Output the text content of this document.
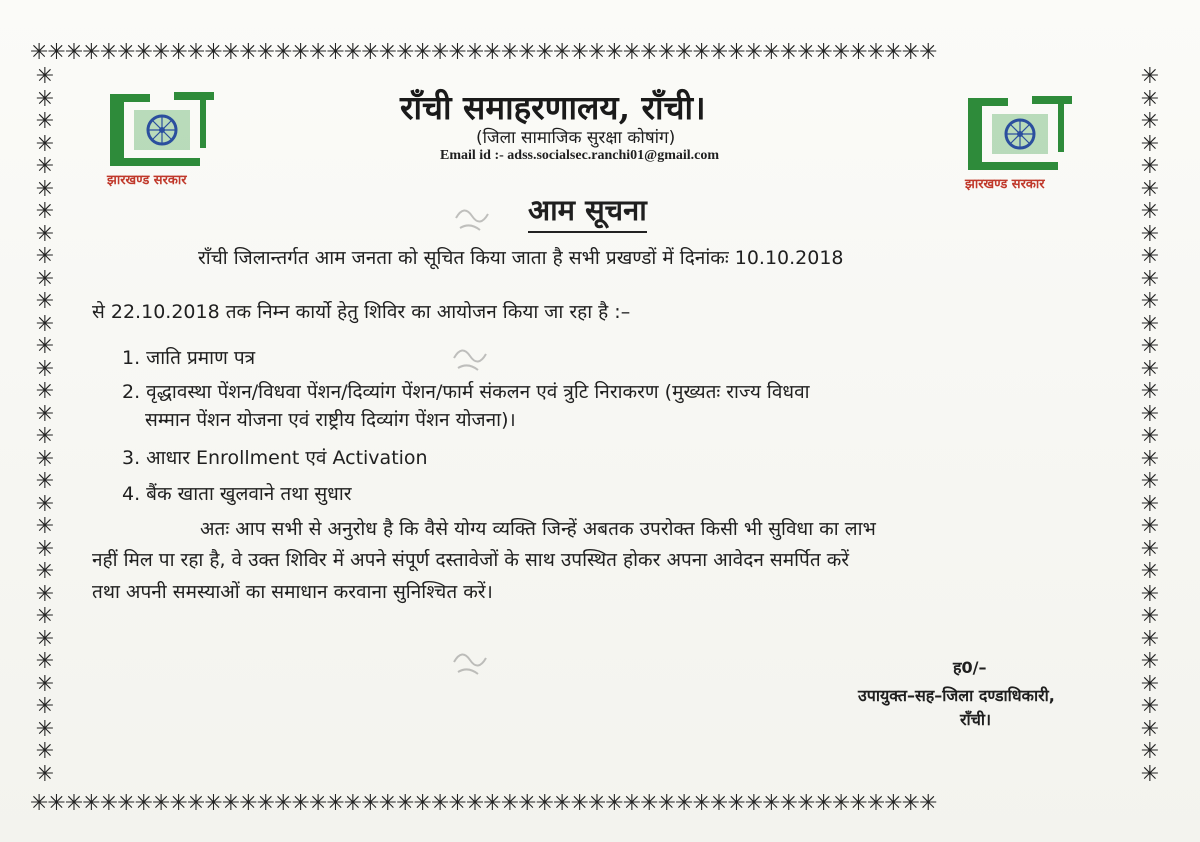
✳✳✳✳✳✳✳✳✳✳✳✳✳✳✳✳✳✳✳✳✳✳✳✳✳✳✳✳✳✳✳✳✳✳✳✳✳✳✳✳✳✳✳✳✳✳✳✳✳✳✳✳
✳✳✳✳✳✳✳✳✳✳✳✳✳✳✳✳✳✳✳✳✳✳✳✳✳✳✳✳✳✳✳✳✳✳✳✳✳✳✳✳✳✳✳✳✳✳✳✳✳✳✳✳
✳
✳
✳
✳
✳
✳
✳
✳
✳
✳
✳
✳
✳
✳
✳
✳
✳
✳
✳
✳
✳
✳
✳
✳
✳
✳
✳
✳
✳
✳
✳
✳
✳
✳
✳
✳
✳
✳
✳
✳
✳
✳
✳
✳
✳
✳
✳
✳
✳
✳
✳
✳
✳
✳
✳
✳
✳
✳
✳
✳
✳
✳
✳
✳
झारखण्ड सरकार	झारखण्ड सरकार
राँची समाहरणालय, राँची।
(जिला सामाजिक सुरक्षा कोषांग)
Email id :- adss.socialsec.ranchi01@gmail.com
आम सूचना
राँची जिलान्तर्गत आम जनता को सूचित किया जाता है सभी प्रखण्डों में दिनांकः 10.10.2018
से 22.10.2018 तक निम्न कार्यो हेतु शिविर का आयोजन किया जा रहा है :–
1. जाति प्रमाण पत्र
2. वृद्धावस्था पेंशन/विधवा पेंशन/दिव्यांग पेंशन/फार्म संकलन एवं त्रुटि निराकरण (मुख्यतः राज्य विधवा
सम्मान पेंशन योजना एवं राष्ट्रीय दिव्यांग पेंशन योजना)।
3. आधार Enrollment एवं Activation
4. बैंक खाता खुलवाने तथा सुधार
अतः आप सभी से अनुरोध है कि वैसे योग्य व्यक्ति जिन्हें अबतक उपरोक्त किसी भी सुविधा का लाभ
नहीं मिल पा रहा है, वे उक्त शिविर में अपने संपूर्ण दस्तावेजों के साथ उपस्थित होकर अपना आवेदन समर्पित करें
तथा अपनी समस्याओं का समाधान करवाना सुनिश्चित करें।
ह0/–
उपायुक्त–सह–जिला दण्डाधिकारी,
राँची।
